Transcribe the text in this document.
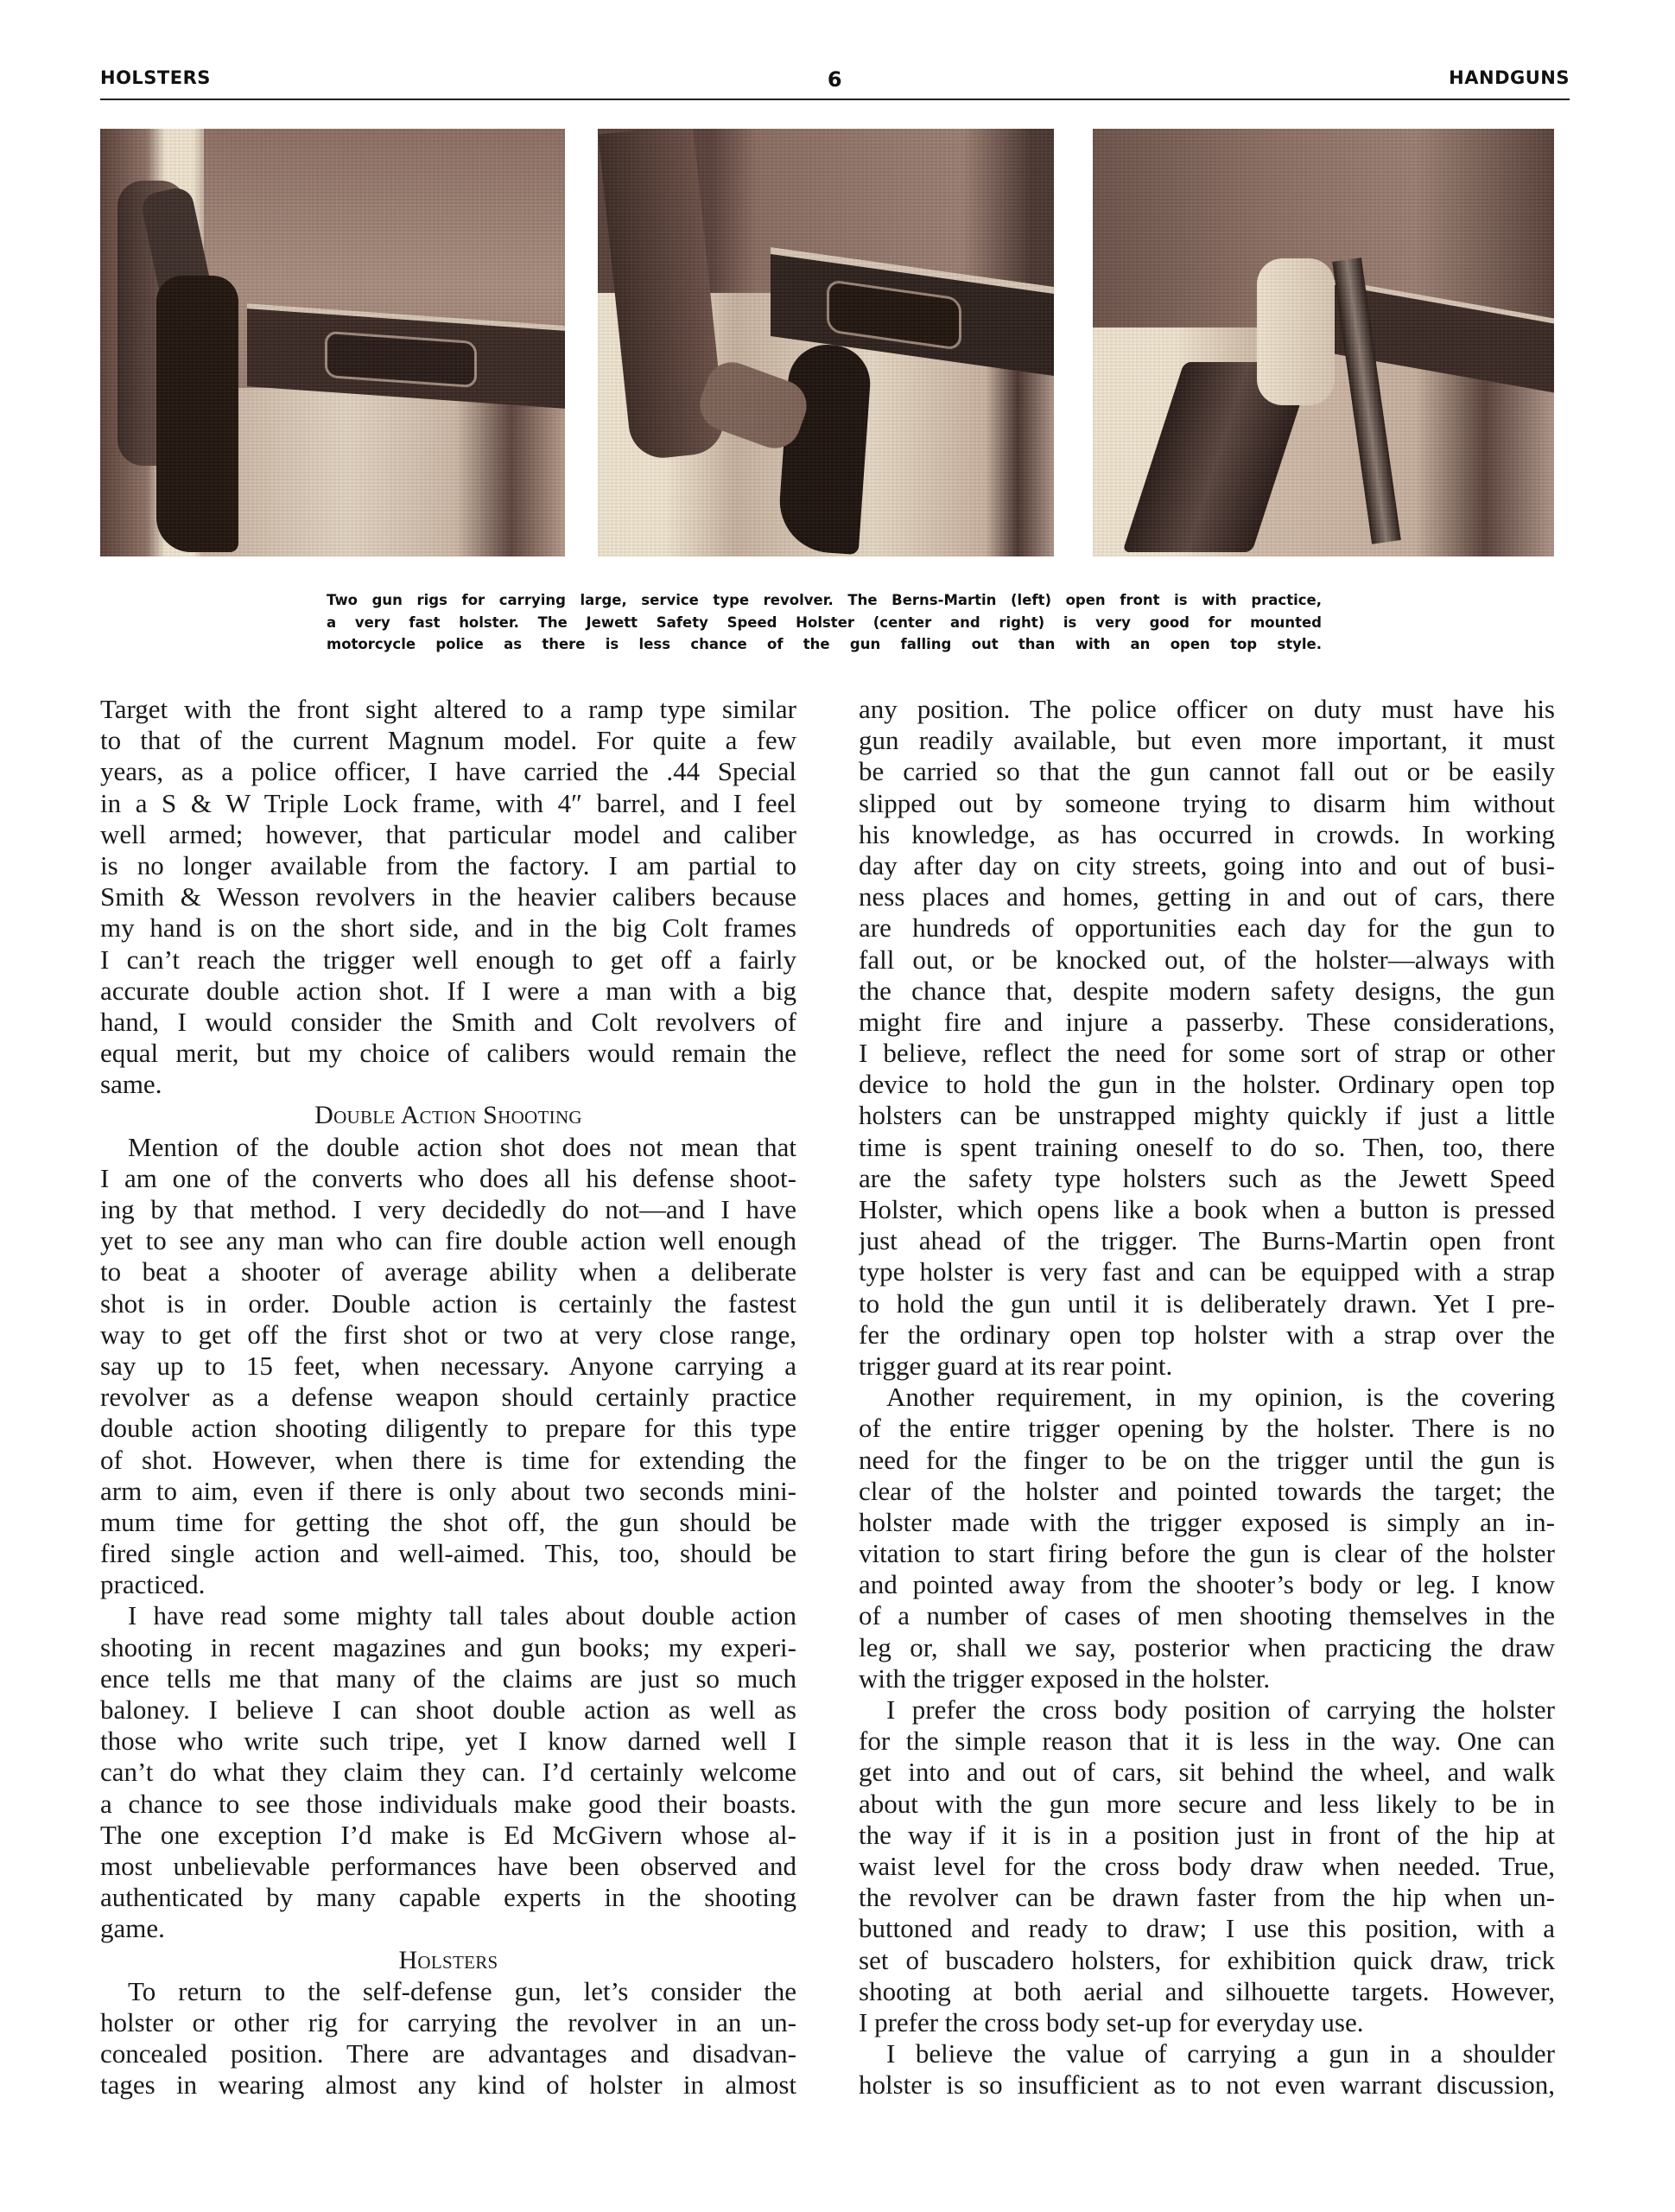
HOLSTERS	6	HANDGUNS
Two gun rigs for carrying large, service type revolver. The Berns-Martin (left) open front is with practice,
a very fast holster. The Jewett Safety Speed Holster (center and right) is very good for mounted
motorcycle police as there is less chance of the gun falling out than with an open top style.
Target with the front sight altered to a ramp type similar
to that of the current Magnum model. For quite a few
years, as a police officer, I have carried the .44 Special
in a S & W Triple Lock frame, with 4″ barrel, and I feel
well armed; however, that particular model and caliber
is no longer available from the factory. I am partial to
Smith & Wesson revolvers in the heavier calibers because
my hand is on the short side, and in the big Colt frames
I can’t reach the trigger well enough to get off a fairly
accurate double action shot. If I were a man with a big
hand, I would consider the Smith and Colt revolvers of
equal merit, but my choice of calibers would remain the
same.
Double Action Shooting
Mention of the double action shot does not mean that
I am one of the converts who does all his defense shoot-
ing by that method. I very decidedly do not—and I have
yet to see any man who can fire double action well enough
to beat a shooter of average ability when a deliberate
shot is in order. Double action is certainly the fastest
way to get off the first shot or two at very close range,
say up to 15 feet, when necessary. Anyone carrying a
revolver as a defense weapon should certainly practice
double action shooting diligently to prepare for this type
of shot. However, when there is time for extending the
arm to aim, even if there is only about two seconds mini-
mum time for getting the shot off, the gun should be
fired single action and well-aimed. This, too, should be
practiced.
I have read some mighty tall tales about double action
shooting in recent magazines and gun books; my experi-
ence tells me that many of the claims are just so much
baloney. I believe I can shoot double action as well as
those who write such tripe, yet I know darned well I
can’t do what they claim they can. I’d certainly welcome
a chance to see those individuals make good their boasts.
The one exception I’d make is Ed McGivern whose al-
most unbelievable performances have been observed and
authenticated by many capable experts in the shooting
game.
Holsters
To return to the self-defense gun, let’s consider the
holster or other rig for carrying the revolver in an un-
concealed position. There are advantages and disadvan-
tages in wearing almost any kind of holster in almost
any position. The police officer on duty must have his
gun readily available, but even more important, it must
be carried so that the gun cannot fall out or be easily
slipped out by someone trying to disarm him without
his knowledge, as has occurred in crowds. In working
day after day on city streets, going into and out of busi-
ness places and homes, getting in and out of cars, there
are hundreds of opportunities each day for the gun to
fall out, or be knocked out, of the holster—always with
the chance that, despite modern safety designs, the gun
might fire and injure a passerby. These considerations,
I believe, reflect the need for some sort of strap or other
device to hold the gun in the holster. Ordinary open top
holsters can be unstrapped mighty quickly if just a little
time is spent training oneself to do so. Then, too, there
are the safety type holsters such as the Jewett Speed
Holster, which opens like a book when a button is pressed
just ahead of the trigger. The Burns-Martin open front
type holster is very fast and can be equipped with a strap
to hold the gun until it is deliberately drawn. Yet I pre-
fer the ordinary open top holster with a strap over the
trigger guard at its rear point.
Another requirement, in my opinion, is the covering
of the entire trigger opening by the holster. There is no
need for the finger to be on the trigger until the gun is
clear of the holster and pointed towards the target; the
holster made with the trigger exposed is simply an in-
vitation to start firing before the gun is clear of the holster
and pointed away from the shooter’s body or leg. I know
of a number of cases of men shooting themselves in the
leg or, shall we say, posterior when practicing the draw
with the trigger exposed in the holster.
I prefer the cross body position of carrying the holster
for the simple reason that it is less in the way. One can
get into and out of cars, sit behind the wheel, and walk
about with the gun more secure and less likely to be in
the way if it is in a position just in front of the hip at
waist level for the cross body draw when needed. True,
the revolver can be drawn faster from the hip when un-
buttoned and ready to draw; I use this position, with a
set of buscadero holsters, for exhibition quick draw, trick
shooting at both aerial and silhouette targets. However,
I prefer the cross body set-up for everyday use.
I believe the value of carrying a gun in a shoulder
holster is so insufficient as to not even warrant discussion,
